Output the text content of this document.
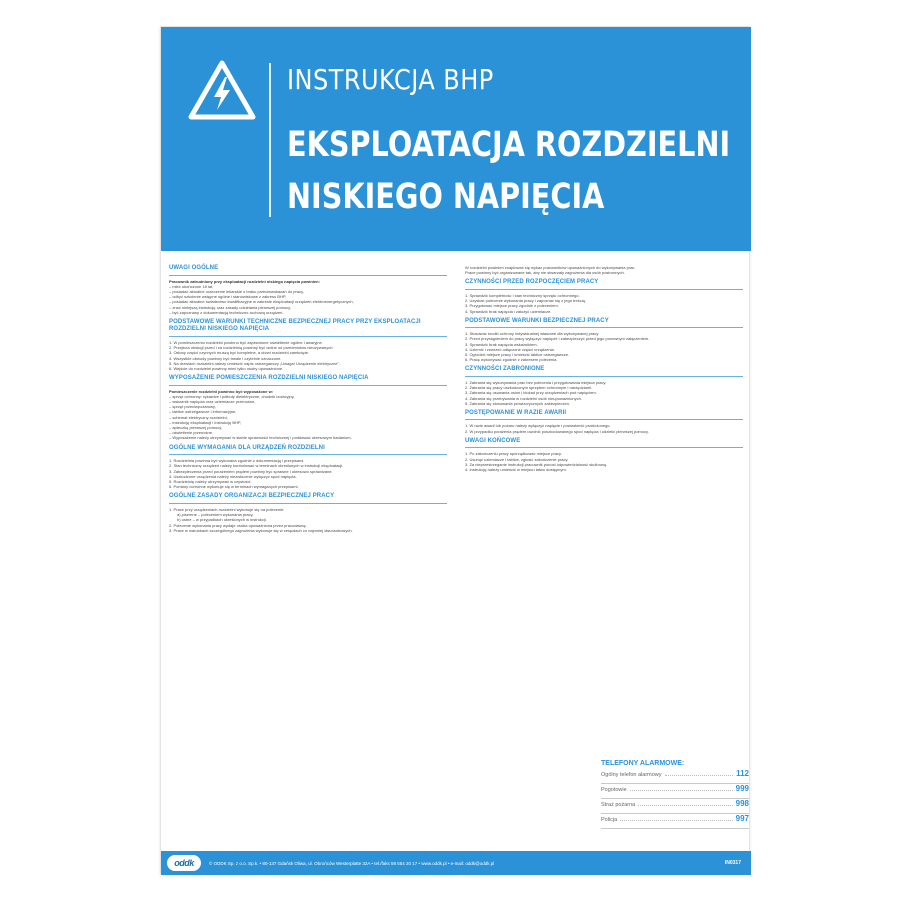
INSTRUKCJA BHP
EKSPLOATACJA ROZDZIELNI
NISKIEGO NAPIĘCIA
UWAGI OGÓLNE
Pracownik zatrudniony przy eksploatacji rozdzielni niskiego napięcia powinien:
– mieć ukończone 18 lat,
– posiadać aktualne orzeczenie lekarskie o braku przeciwwskazań do pracy,
– odbyć szkolenie wstępne ogólne i stanowiskowe z zakresu BHP,
– posiadać aktualne świadectwo kwalifikacyjne w zakresie eksploatacji urządzeń elektroenergetycznych,
– znać niniejszą instrukcję oraz zasady udzielania pierwszej pomocy,
– być zapoznany z dokumentacją techniczno-ruchową urządzeń.
PODSTAWOWE WARUNKI TECHNICZNE BEZPIECZNEJ PRACY PRZY EKSPLOATACJI ROZDZIELNI NISKIEGO NAPIĘCIA
1. W pomieszczeniu rozdzielni powinno być zapewnione oświetlenie ogólne i awaryjne.
2. Przejścia obsługi przed i za rozdzielnią powinny być wolne od przedmiotów nieużywanych.
3. Osłony części czynnych muszą być kompletne, a drzwi rozdzielni zamknięte.
4. Wszystkie obwody powinny być trwale i czytelnie oznaczone.
5. Na drzwiach rozdzielni należy umieścić napis ostrzegawczy „Uwaga! Urządzenie elektryczne”.
6. Wejście do rozdzielni powinny mieć tylko osoby upoważnione.
WYPOSAŻENIE POMIESZCZENIA ROZDZIELNI NISKIEGO NAPIĘCIA
Pomieszczenie rozdzielni powinno być wyposażone w:
– sprzęt ochronny: rękawice i półbuty dielektryczne, chodnik izolacyjny,
– wskaźnik napięcia oraz uziemiacze przenośne,
– sprzęt przeciwpożarowy,
– tablice ostrzegawcze i informacyjne,
– schemat elektryczny rozdzielni,
– instrukcję eksploatacji i instrukcję BHP,
– apteczkę pierwszej pomocy,
– oświetlenie przenośne.
– Wyposażenie należy utrzymywać w stanie sprawności technicznej i poddawać okresowym badaniom.
OGÓLNE WYMAGANIA DLA URZĄDZEŃ ROZDZIELNI
1. Rozdzielnia powinna być wykonana zgodnie z dokumentacją i przepisami.
2. Stan techniczny urządzeń należy kontrolować w terminach określonych w instrukcji eksploatacji.
3. Zabezpieczenia przed porażeniem prądem powinny być sprawne i okresowo sprawdzane.
4. Uszkodzone urządzenia należy niezwłocznie wyłączyć spod napięcia.
5. Rozdzielnię należy utrzymywać w czystości.
6. Pomiary ochronne wykonuje się w terminach wymaganych przepisami.
OGÓLNE ZASADY ORGANIZACJI BEZPIECZNEJ PRACY
1. Prace przy urządzeniach rozdzielni wykonuje się na polecenie:
a) pisemne – poleceniem wykonania pracy,
b) ustne – w przypadkach określonych w instrukcji.
2. Polecenie wykonania pracy wydaje osoba upoważniona przez pracodawcę.
3. Prace w warunkach szczególnego zagrożenia wykonuje się w zespołach co najmniej dwuosobowych.
W rozdzielni powinien znajdować się wykaz pracowników upoważnionych do wykonywania prac.
Prace powinny być organizowane tak, aby nie stwarzały zagrożenia dla osób postronnych.
CZYNNOŚCI PRZED ROZPOCZĘCIEM PRACY
1. Sprawdzić kompletność i stan techniczny sprzętu ochronnego.
2. Uzyskać polecenie wykonania pracy i zapoznać się z jego treścią.
3. Przygotować miejsce pracy zgodnie z poleceniem.
4. Sprawdzić brak napięcia i założyć uziemiacze.
PODSTAWOWE WARUNKI BEZPIECZNEJ PRACY
1. Stosować środki ochrony indywidualnej właściwe dla wykonywanej pracy.
2. Przed przystąpieniem do pracy wyłączyć napięcie i zabezpieczyć przed jego ponownym załączeniem.
3. Sprawdzić brak napięcia wskaźnikiem.
4. Uziemić i zewrzeć odłączone części urządzenia.
5. Ogrodzić miejsce pracy i umieścić tablice ostrzegawcze.
6. Pracę wykonywać zgodnie z zakresem polecenia.
CZYNNOŚCI ZABRONIONE
1. Zabrania się wykonywania prac bez polecenia i przygotowania miejsca pracy.
2. Zabrania się pracy uszkodzonym sprzętem ochronnym i narzędziami.
3. Zabrania się usuwania osłon i blokad przy urządzeniach pod napięciem.
4. Zabrania się przebywania w rozdzielni osób nieupoważnionych.
5. Zabrania się stosowania prowizorycznych zabezpieczeń.
POSTĘPOWANIE W RAZIE AWARII
1. W razie awarii lub pożaru należy wyłączyć napięcie i powiadomić przełożonego.
2. W przypadku porażenia prądem uwolnić poszkodowanego spod napięcia i udzielić pierwszej pomocy.
UWAGI KOŃCOWE
1. Po zakończeniu pracy uporządkować miejsce pracy.
2. Usunąć uziemiacze i tablice, zgłosić zakończenie pracy.
3. Za nieprzestrzeganie instrukcji pracownik ponosi odpowiedzialność służbową.
4. Instrukcję należy umieścić w miejscu łatwo dostępnym.
TELEFONY ALARMOWE:
Ogólny telefon alarmowy	112
Pogotowie	999
Straż pożarna	998
Policja	997
oddk	© ODDK Sp. z o.o. Sp.k. • 80-137 Gdańsk Oliwa, ul. Obrońców Westerplatte 32A • tel./faks 58 554 20 17 • www.oddk.pl • e-mail: oddk@oddk.pl	IN0317
